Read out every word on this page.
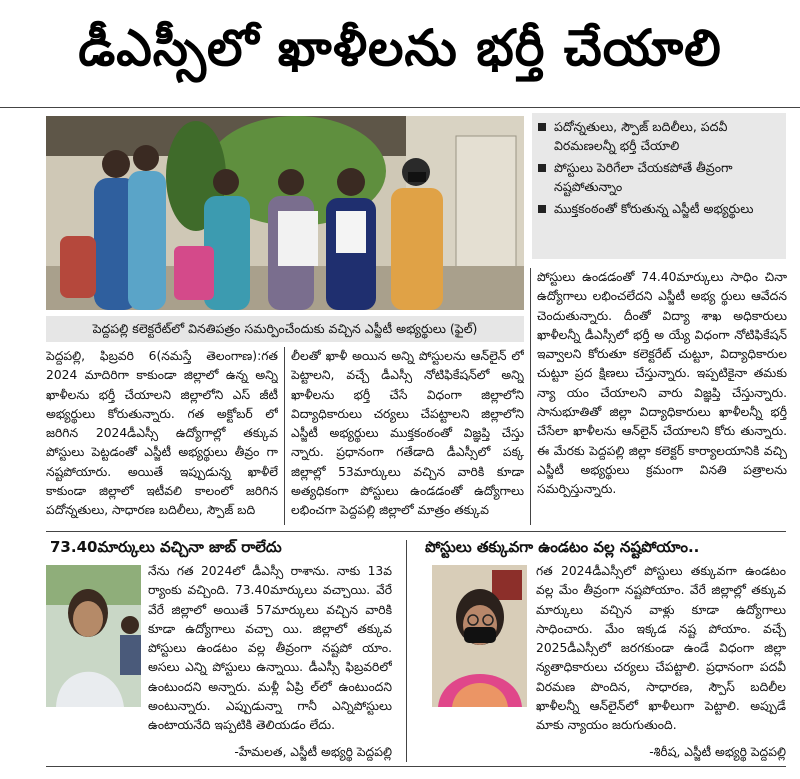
డీఎస్సీలో ఖాళీలను భర్తీ చేయాలి
పెద్దపల్లి కలెక్టరేట్‌లో వినతిపత్రం సమర్పించేందుకు వచ్చిన ఎస్జీటీ అభ్యర్థులు (ఫైల్)
పదోన్నతులు, స్పౌజ్ బదిలీలు, పదవీ విరమణలన్నీ భర్తీ చేయాలి
పోస్టులు పెరిగేలా చేయకపోతే తీవ్రంగా నష్టపోతున్నాం
ముక్తకంఠంతో కోరుతున్న ఎస్జీటీ అభ్యర్థులు

పెద్దపల్లి, ఫిబ్రవరి 6(నమస్తే తెలంగాణ):గత 2024 మాదిరిగా కాకుండా జిల్లాలో ఉన్న అన్ని ఖాళీలను భర్తీ చేయాలని జిల్లాలోని ఎస్ జీటీ అభ్యర్థులు కోరుతున్నారు. గత అక్టోబర్ లో జరిగిన 2024డీఎస్సీ ఉద్యోగాల్లో తక్కువ పోస్టులు పెట్టడంతో ఎస్జీటీ అభ్యర్థులు తీవ్రం గా నష్టపోయారు. అయితే ఇప్పుడున్న ఖాళీలే కాకుండా జిల్లాలో ఇటీవలి కాలంలో జరిగిన పదోన్నతులు, సాధారణ బదిలీలు, స్పౌజ్ బది

లీలతో ఖాళీ అయిన అన్ని పోస్టులను ఆన్‌లైన్ లో పెట్టాలని, వచ్చే డీఎస్సీ నోటిఫికేషన్‌లో అన్ని ఖాళీలను భర్తీ చేసే విధంగా జిల్లాలోని విద్యాధికారులు చర్యలు చేపట్టాలని జిల్లాలోని ఎస్జీటీ అభ్యర్థులు ముక్తకంఠంతో విజ్ఞప్తి చేస్తు న్నారు. ప్రధానంగా గతేడాది డీఎస్సీలో పక్క జిల్లాల్లో 53మార్కులు వచ్చిన వారికి కూడా అత్యధికంగా పోస్టులు ఉండడంతో ఉద్యోగాలు లభించగా పెద్దపల్లి జిల్లాలో మాత్రం తక్కువ

పోస్టులు ఉండడంతో 74.40మార్కులు సాధిం చినా ఉద్యోగాలు లభించలేదని ఎస్జీటీ అభ్య ర్థులు ఆవేదన చెందుతున్నారు. దీంతో విద్యా శాఖ అధికారులు ఖాళీలన్నీ డీఎస్సీలో భర్తీ అ య్యే విధంగా నోటిఫికేషన్ ఇవ్వాలని కోరుతూ కలెక్టరేట్ చుట్టూ, విద్యాధికారుల చుట్టూ ప్రద క్షిణలు చేస్తున్నారు. ఇప్పటికైనా తమకు న్యా యం చేయాలని వారు విజ్ఞప్తి చేస్తున్నారు. సానుభూతితో జిల్లా విద్యాధికారులు ఖాళీలన్నీ భర్తీ చేసేలా ఖాళీలను ఆన్‌లైన్ చేయాలని కోరు తున్నారు. ఈ మేరకు పెద్దపల్లి జిల్లా కలెక్టర్ కార్యాలయానికి వచ్చి ఎస్జీటీ అభ్యర్థులు క్రమంగా వినతి పత్రాలను సమర్పిస్తున్నారు.

73.40మార్కులు వచ్చినా జాబ్ రాలేదు

నేను గత 2024లో డీఎస్సీ రాశాను. నాకు 13వ ర్యాంకు వచ్చింది. 73.40మార్కులు వచ్చాయి. వేరే వేరే జిల్లాలో అయితే 57మార్కులు వచ్చిన వారికి కూడా ఉద్యోగాలు వచ్చా యి. జిల్లాలో తక్కువ పోస్టులు ఉండటం వల్ల తీవ్రంగా నష్టపో యాం. అసలు ఎన్ని పోస్టులు ఉన్నాయి. డీఎస్సీ ఫిబ్రవరిలో ఉంటుందని అన్నారు. మళ్లీ ఏప్రి ల్‌లో ఉంటుందని అంటున్నారు. ఎప్పుడున్నా గానీ ఎన్నిపోస్టులు ఉంటాయనేది ఇప్పటికి తెలియడం లేదు.

-హేమలత, ఎస్జీటీ అభ్యర్థి పెద్దపల్లి
పోస్టులు తక్కువగా ఉండటం వల్ల నష్టపోయాం..

గత 2024డీఎస్సీలో పోస్టులు తక్కువగా ఉండటం వల్ల మేం తీవ్రంగా నష్టపోయాం. వేరే జిల్లాల్లో తక్కువ మార్కులు వచ్చిన వాళ్లు కూడా ఉద్యోగాలు సాధించారు. మేం ఇక్కడ నష్ట పోయాం. వచ్చే 2025డీఎస్సీలో జరగకుండా ఉండే విధంగా జిల్లా న్యతాధికారులు చర్యలు చేపట్టాలి. ప్రధానంగా పదవీ విరమణ పొందిన, సాధారణ, స్పౌస్ బదిలీల ఖాళీలన్నీ ఆన్‌లైన్‌లో ఖాళీలుగా పెట్టాలి. అప్పుడే మాకు న్యాయం జరుగుతుంది.

-శిరీష, ఎస్జీటీ అభ్యర్థి పెద్దపల్లి
